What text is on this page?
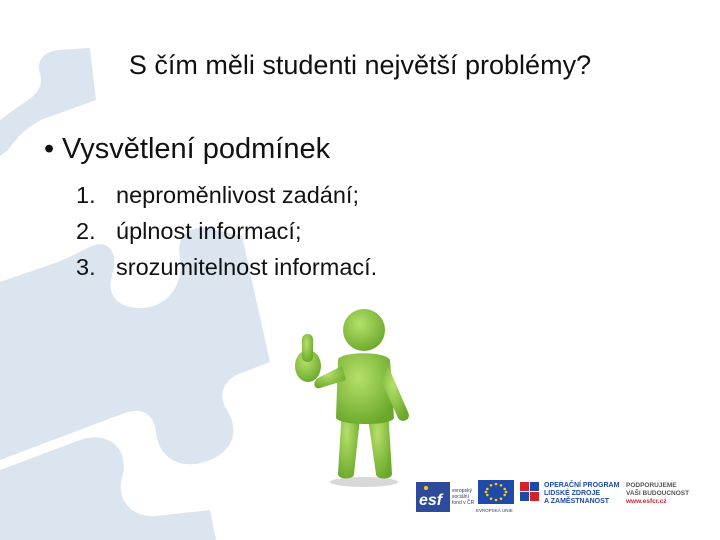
S čím měli studenti největší problémy?
• Vysvětlení podmínek
1. neproměnlivost zadání;
2. úplnost informací;
3. srozumitelnost informací.
esf
evropský
sociální
fond v ČR
EVROPSKÁ UNIE
OPERAČNÍ PROGRAM
LIDSKÉ ZDROJE
A ZAMĚSTNANOST
PODPORUJEME
VAŠI BUDOUCNOST
www.esfcr.cz
